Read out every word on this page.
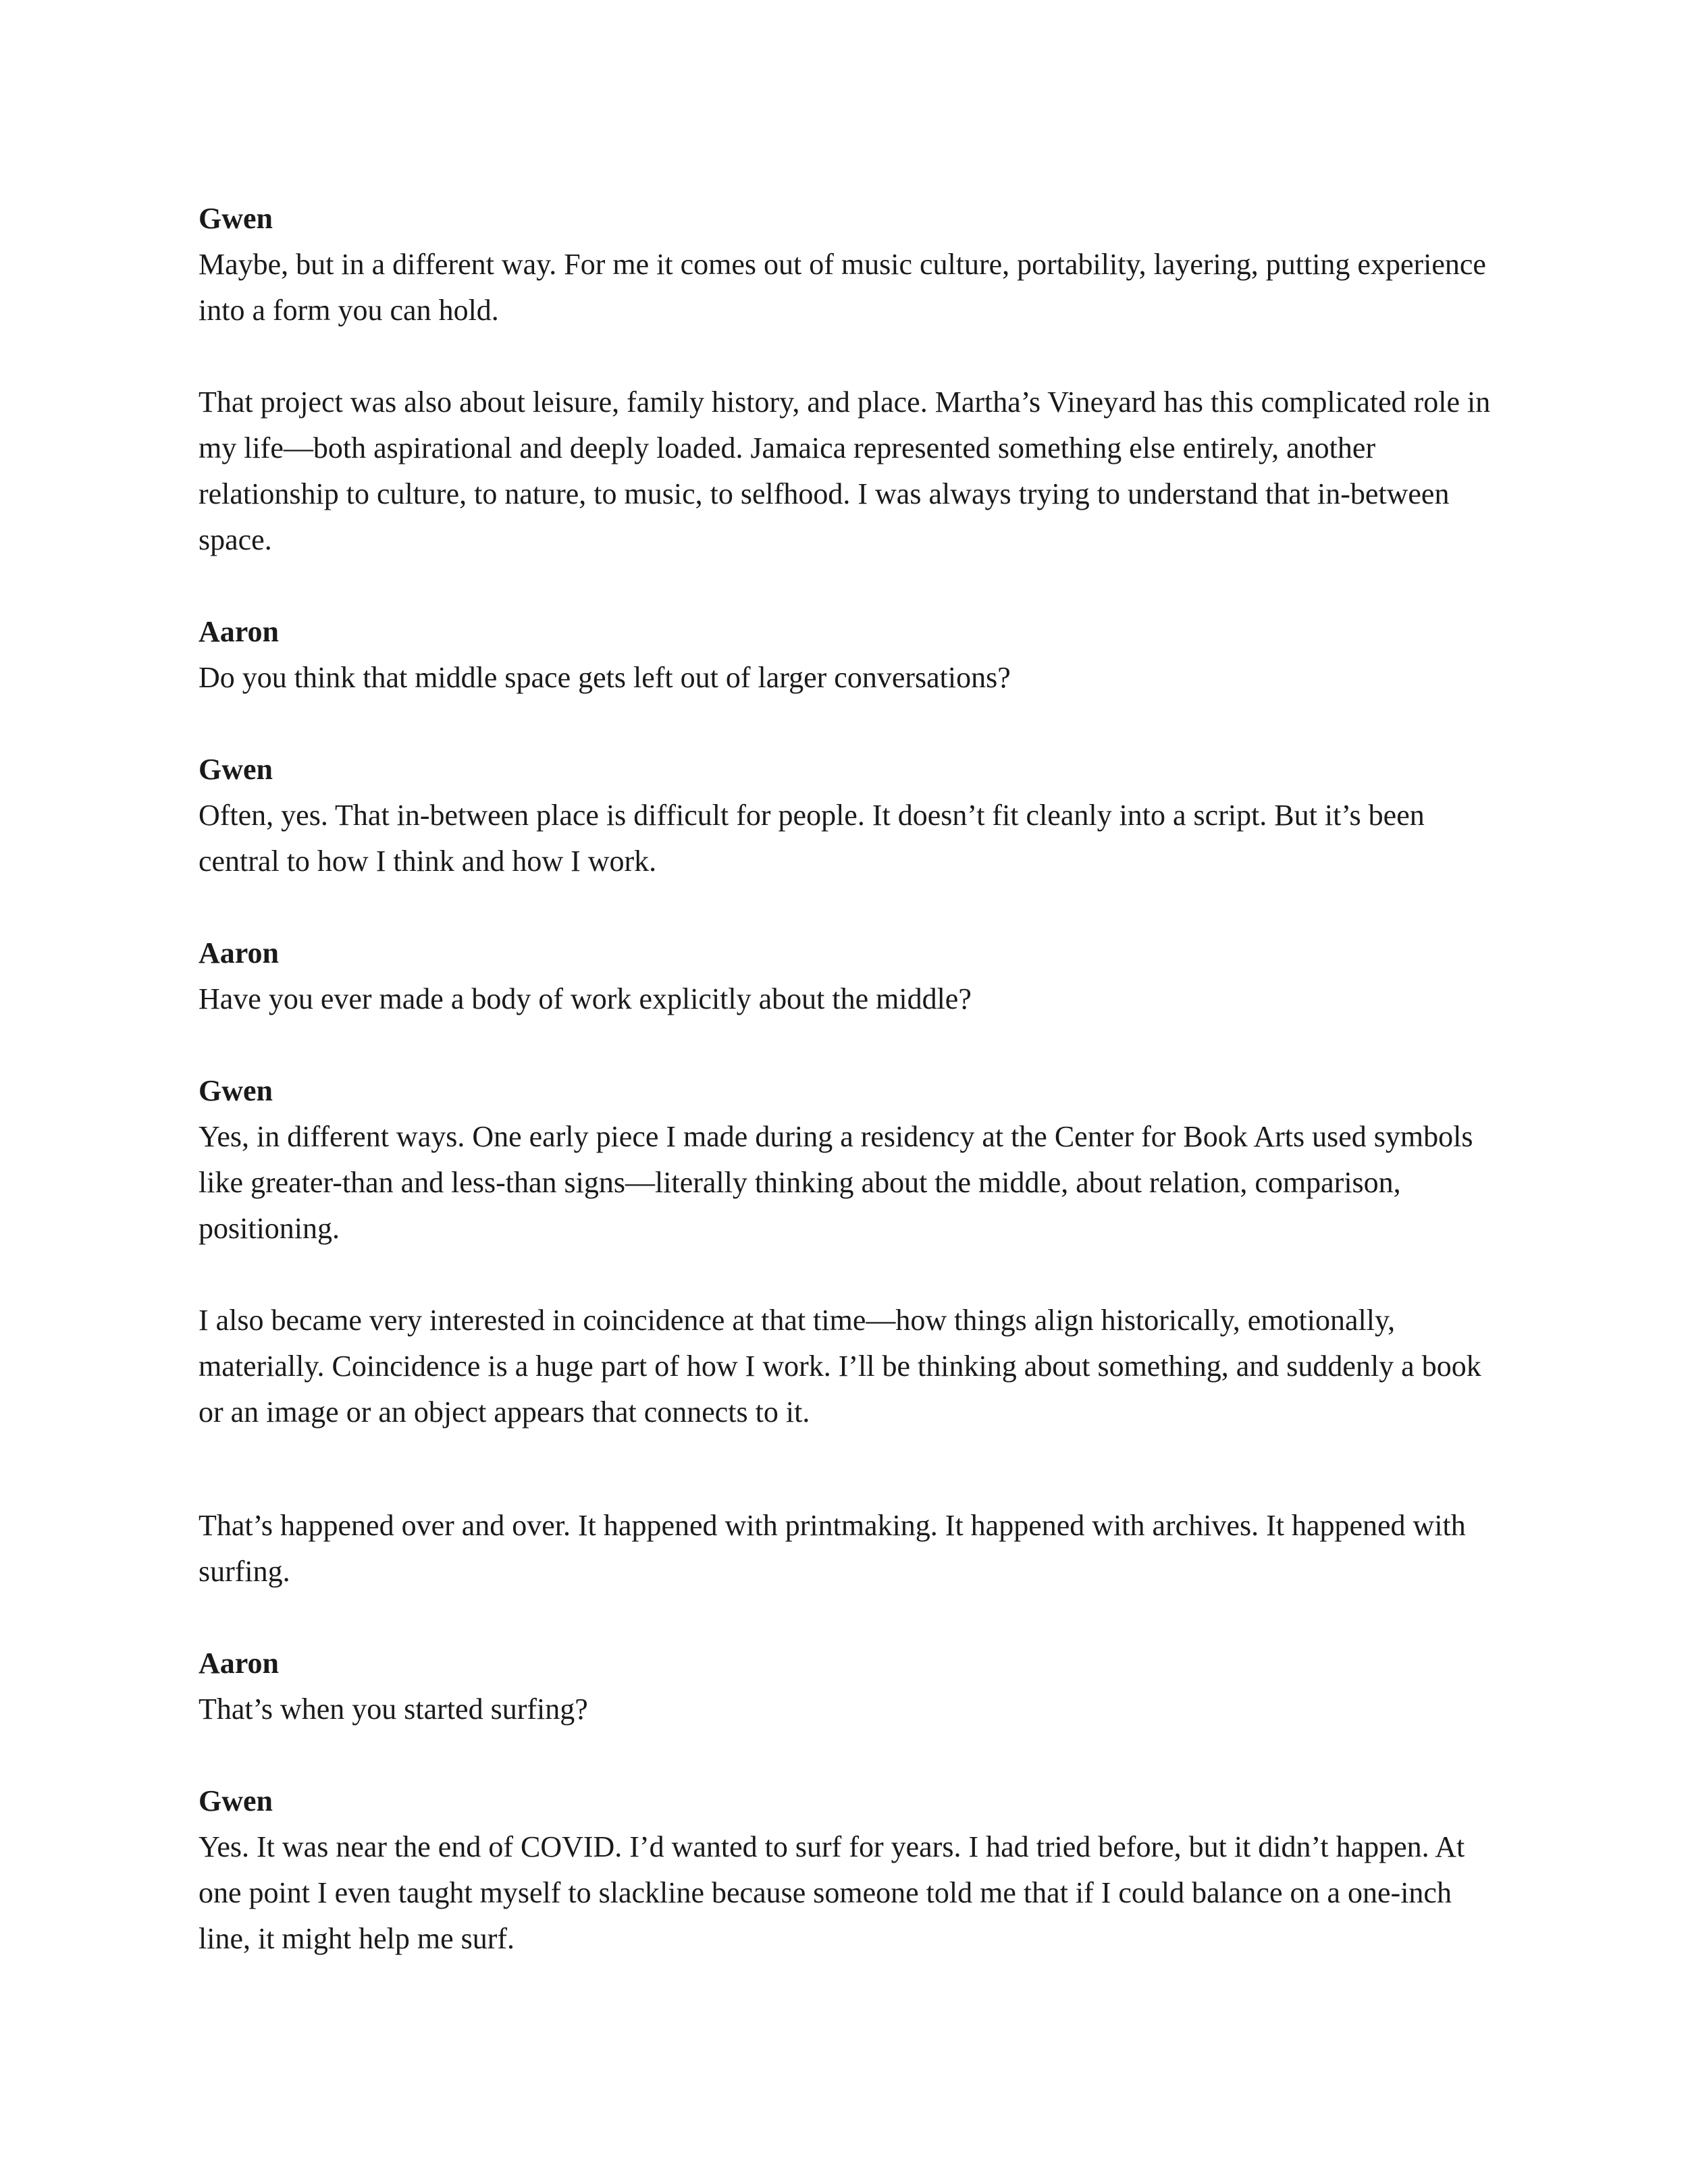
Gwen

Maybe, but in a different way. For me it comes out of music culture, portability, layering, putting experience into a form you can hold.

That project was also about leisure, family history, and place. Martha’s Vineyard has this complicated role in my life—both aspirational and deeply loaded. Jamaica represented something else entirely, another relationship to culture, to nature, to music, to selfhood. I was always trying to understand that in-between space.

Aaron

Do you think that middle space gets left out of larger conversations?

Gwen

Often, yes. That in-between place is difficult for people. It doesn’t fit cleanly into a script. But it’s been central to how I think and how I work.

Aaron

Have you ever made a body of work explicitly about the middle?

Gwen

Yes, in different ways. One early piece I made during a residency at the Center for Book Arts used symbols like greater-than and less-than signs—literally thinking about the middle, about relation, comparison, positioning.

I also became very interested in coincidence at that time—how things align historically, emotionally, materially. Coincidence is a huge part of how I work. I’ll be thinking about something, and suddenly a book or an image or an object appears that connects to it.

That’s happened over and over. It happened with printmaking. It happened with archives. It happened with surfing.

Aaron

That’s when you started surfing?

Gwen

Yes. It was near the end of COVID. I’d wanted to surf for years. I had tried before, but it didn’t happen. At one point I even taught myself to slackline because someone told me that if I could balance on a one-inch line, it might help me surf.
